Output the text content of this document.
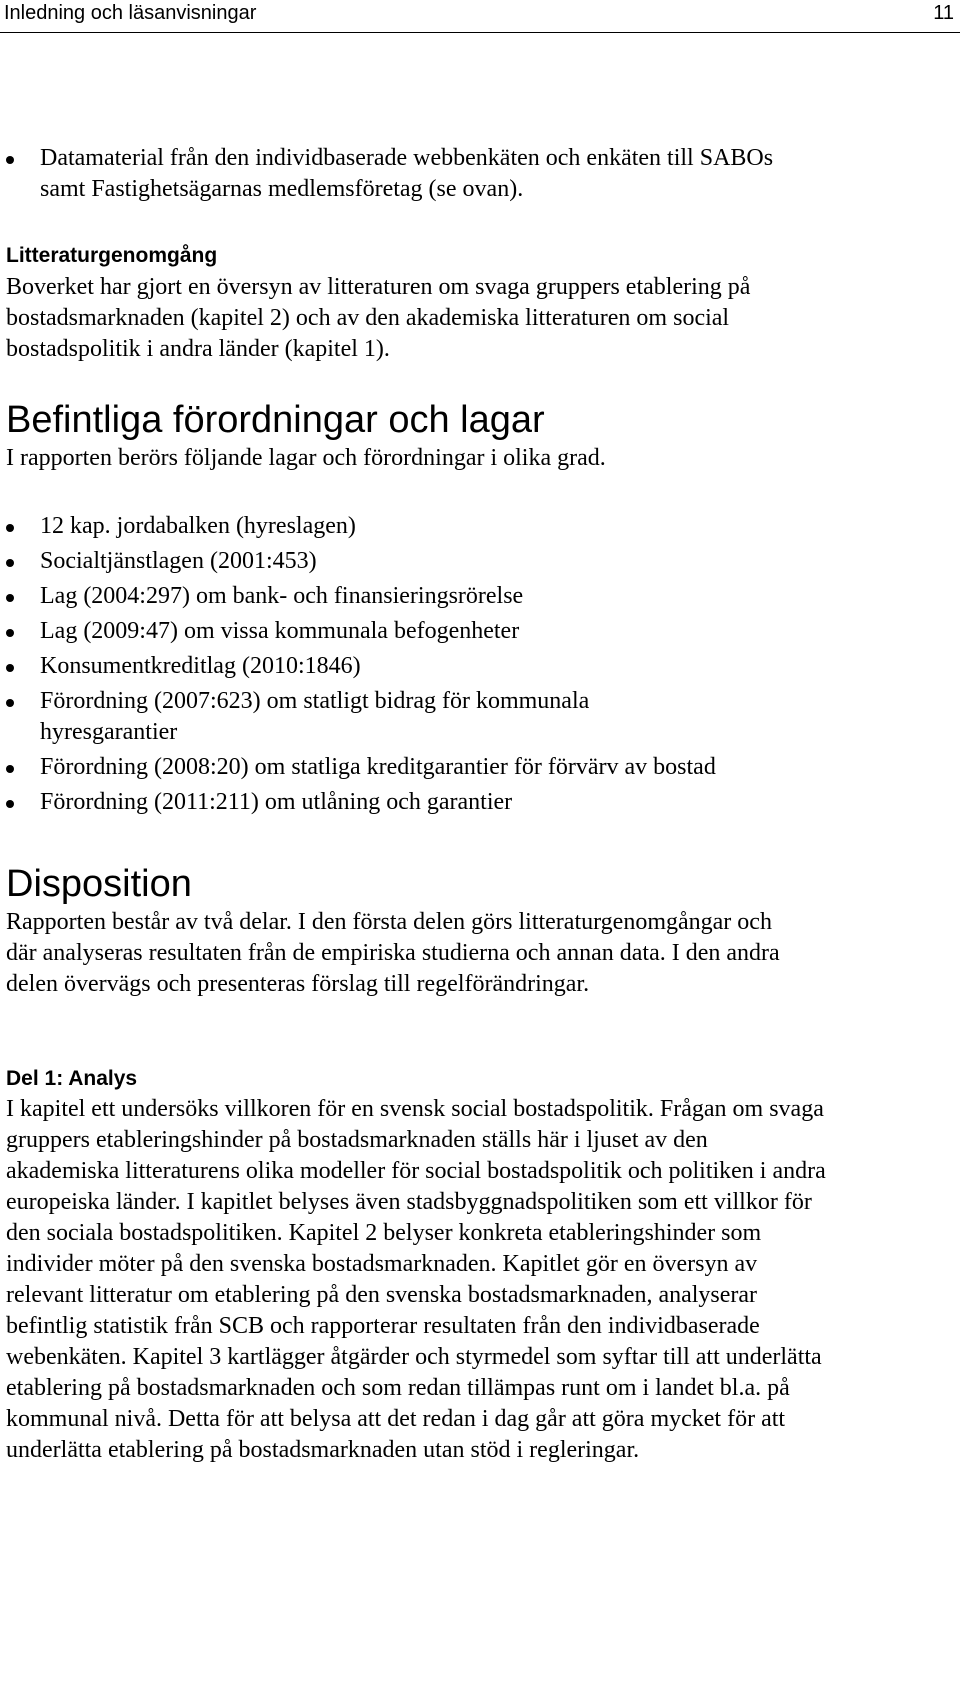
Inledning och läsanvisningar	11
Datamaterial från den individbaserade webbenkäten och enkäten till SABOs samt Fastighetsägarnas medlemsföretag (se ovan).
Litteraturgenomgång
Boverket har gjort en översyn av litteraturen om svaga gruppers etablering på bostadsmarknaden (kapitel 2) och av den akademiska litteraturen om social bostadspolitik i andra länder (kapitel 1).
Befintliga förordningar och lagar
I rapporten berörs följande lagar och förordningar i olika grad.
12 kap. jordabalken (hyreslagen)
Socialtjänstlagen (2001:453)
Lag (2004:297) om bank- och finansieringsrörelse
Lag (2009:47) om vissa kommunala befogenheter
Konsumentkreditlag (2010:1846)
Förordning (2007:623) om statligt bidrag för kommunala hyresgarantier
Förordning (2008:20) om statliga kreditgarantier för förvärv av bostad
Förordning (2011:211) om utlåning och garantier
Disposition
Rapporten består av två delar. I den första delen görs litteraturgenomgångar och där analyseras resultaten från de empiriska studierna och annan data. I den andra delen övervägs och presenteras förslag till regelförändringar.
Del 1: Analys
I kapitel ett undersöks villkoren för en svensk social bostadspolitik. Frågan om svaga gruppers etableringshinder på bostadsmarknaden ställs här i ljuset av den akademiska litteraturens olika modeller för social bostadspolitik och politiken i andra europeiska länder. I kapitlet belyses även stadsbyggnadspolitiken som ett villkor för den sociala bostadspolitiken. Kapitel 2 belyser konkreta etableringshinder som individer möter på den svenska bostadsmarknaden. Kapitlet gör en översyn av relevant litteratur om etablering på den svenska bostadsmarknaden, analyserar befintlig statistik från SCB och rapporterar resultaten från den individbaserade webenkäten. Kapitel 3 kartlägger åtgärder och styrmedel som syftar till att underlätta etablering på bostadsmarknaden och som redan tillämpas runt om i landet bl.a. på kommunal nivå. Detta för att belysa att det redan i dag går att göra mycket för att underlätta etablering på bostadsmarknaden utan stöd i regleringar.
